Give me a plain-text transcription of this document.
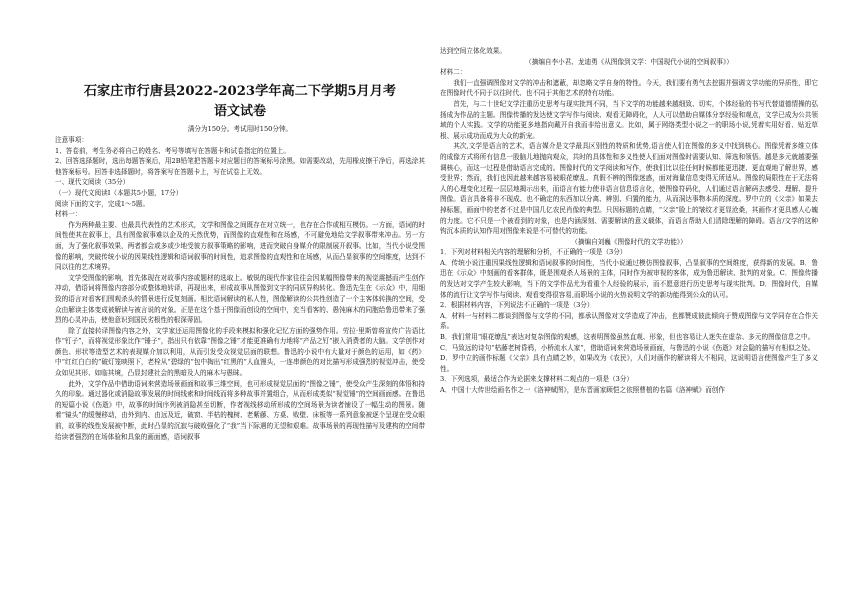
石家庄市行唐县2022-2023学年高二下学期5月月考
语文试卷
满分为150分。考试用时150分钟。

注意事项：

1、答卷前，考生务必将自己的姓名、考号等填写在答题卡和试卷指定的位置上。

2、回答选择题时，选出每题答案后，用2B铅笔把答题卡对应题目的答案标号涂黑。如需要改动，先用橡皮擦干净后，再选涂其他答案标号。回答非选择题时，将答案写在答题卡上，写在试卷上无效。

一、现代文阅读（35分）

（一）现代文阅读Ⅰ（本题共5小题，17分）

阅读下面的文字，完成1～5题。

材料一：

作为两种最主要、也最具代表性的艺术形式，文学和图像之间既存在对立统一，也存在合作或相互模仿。一方面，语词的时间性使其在叙事上，具有图像叙事难以企及的天然优势，而图像的直观性和在场感，不可避免地给文学叙事带来冲击。另一方面，为了强化叙事效果，两者都会或多或少地受彼方叙事策略的影响，进而突破自身媒介的限制展开叙事。比如，当代小说受图像的影响，突破传统小说的因果线性逻辑和语词叙事的时间性，追求图像的直观性和在场感，从而凸显叙事的空间维度，达到不同以往的艺术境界。

文学受图像的影响，首先体现在对故事内容或题材的选取上。敏锐的现代作家往往会因某幅图像带来的视觉震撼而产生创作冲动，借语词将图像内容部分或整体地转译，再现出来，形成故事从图像到文字的同质异构转化。鲁迅先生在《示众》中，用细致的语言对看客们围观杀头的情景进行反复刻画。相比语词解读的私人性，图像解读的公共性创造了一个主客体转换的空间，受众由解读主体变成被解读与被言说的对象。正是在这个基于图像而创设的空间中，充当看客的、愚钝麻木的同胞给鲁迅带来了强烈的心灵冲击，使他意识到国民劣根性的根深蒂固。

除了直接转译图像内容之外，文学家还运用图像化的手段来模拟和强化记忆方面的强势作用。劳拉·里斯曾将宣传广告语比作“钉子”，而将视觉形象比作“锤子”，指出只有依靠“图像之锤”才能更准确有力地将“产品之钉”嵌入消费者的大脑。文学创作对颜色、形状等造型艺术的表现媒介加以利用，从而引发受众视觉层面的联想。鲁迅的小说中有大量对于颜色的运用，如《药》中“红红白白的”破灯笼映照下，老栓从“碧绿的”包中掏出“红黑的”人血馒头，一连串颜色的对比描写形成强烈的视觉冲击，使受众如见其形、如临其境，凸显封建社会的黑暗及人的麻木与愚昧。

此外，文学作品中借助语词来营造场景画面和故事三维空间，也可形成视觉层面的“图像之锤”，使受众产生深刻的体悟和持久的印象。通过器化或消隐故事发展的时间线索和时间线而将多种故事并置组合，从而形成类似“视觉锤”的空间画面感。在鲁迅的短篇小说《伤逝》中，故事的时间序列被消隐甚至切断，作者视线移动所形成的空间场景为读者铺设了一幅生动的图景。随着“镜头”的缓慢移动，由外到内、由远及近，破窗、半枯的槐树、老紫藤、方桌、败壁、床板等一系列意象被逐个呈现在受众眼前，故事的线性发展被中断，此时凸显的沉寂与破败强化了“我”当下际遇的无望和艰难。故事场景的再现性描写及建构的空间带给读者强烈的在场体验和具象的画面感，语词叙事

达到空间立体化效果。

（摘编自李小君、龙迪勇《从图像到文学：中国现代小说的空间叙事》）

材料二：

我们一直强调图像对文学的冲击和遮蔽，却忽略文学自身的特性。今天，我们要有勇气去挖掘并强调文学功能的异质性，即它在图像时代不同于以往时代、也不同于其他艺术的特有功能。

首先，与二十世纪文学注重历史思考与现实批判不同，当下文学的功能越来越细致、切实，个体经验的书写代替道德情操的弘扬成为作品的主题。图像传播的发达使文学写作与阅读、观看无障碍化，人人可以借助自媒体分享经验和观点，文学已成为公共领域的个人实践。文学的功能更多地指向戴开自我而非给出意义。比如，属于网络类型小说之一的职场小说,凭着实用好看、贴近草根、展示成功而成为大众的新宠。

其次,文学是语言的艺术，语言媒介是文学最具区别性的特质和优势,语言使人们在图像的多义中找到核心。图像凭着多维立体的成像方式将所有信息一股脑儿地抛向观众，共时的具体性和多义性使人们面对图像时需要认知、筛选和领悟。越是多元就越要强调核心，而这一过程是借助语言完成的。图像时代的文学阅读和写作，使我们比以往任何时候都能更迅捷、更直观地了解世界，感受世界；然而，我们也因此越来越容易被眼花缭乱、真假不辨的图像迷惑，面对海量信息变得无所适从。图像的局限性在于无法将人的心理变化过程一层层地揭示出来，而语言有能力使非语言信息语言化，使图像符码化，人们通过语言解码去感受、理解、提升图像。语言具备将非不现成、也不确定的东西加以分离、辨别、归置的能力，从而洞达事物本质的深度。罗中立的《父亲》如果去掉标题，画面中的老者不过是中国几亿农民肖像的典型。只因标题的点睛，“父亲”脸上的皱纹才更显沧桑，其画作才更具感人心魄的力度。它不只是一个被看到的对象，也是内涵深刻、需要解读的意义载体，而语言帮助人们清除理解的障碍。语言/文学的这种钩沉本质的认知作用对图像来说是不可替代的功能。

（摘编自刘巍《图像时代的文学功能》）

1．下列对材料相关内容的理解和分析，不正确的一项是（3分）

A．传统小说注重因果线性逻辑和语词叙事的时间性，当代小说通过模仿图像叙事，凸显叙事的空间维度，获得新的发展。B．鲁迅在《示众》中刻画的看客群体，既是围观杀人场景的主体，同时作为被审视的客体，成为鲁迅解读、批判的对象。C．图像传播的发达对文学产生较大影响，当下的文学作品尤为看重个人经验的展示，而不愿意进行历史思考与现实批判。D．图像时代，自媒体的流行让文学写作与阅读、观看变得很容易,而职场小说的火热说明文学的新功能得到公众的认可。

2．根据材料内容，下列说法不正确的一项是（3分）

A．材料一与材料二都谈到图像与文学的不同，都承认图像对文学造成了冲击，也都赞成彼此倾向于赞成图像与文学同存在合作关系。

B．我们常用“眼花缭乱”表达对复杂图像的观感，这表明图像虽然直观、形象，但也容易让人迷失在虚杂、多元的图像信息之中。

C．马致远的诗句“枯藤老树昏鸦，小桥流水人家”，借助语词来营造场景画面，与鲁迅的小说《伤逝》对会隐的描写有相似之处。

D．罗中立的画作标题《父亲》具有点睛之妙，如果改为《农民》，人们对画作的解读将大不相同，这说明语言使图像产生了多义性。

3．下列选项，最适合作为论据来支撑材料二观点的一项是（3分）

A．中国十大传世绘画名作之一《洛神赋图》，是东晋画家顾恺之依照曹植的名篇《洛神赋》而创作
